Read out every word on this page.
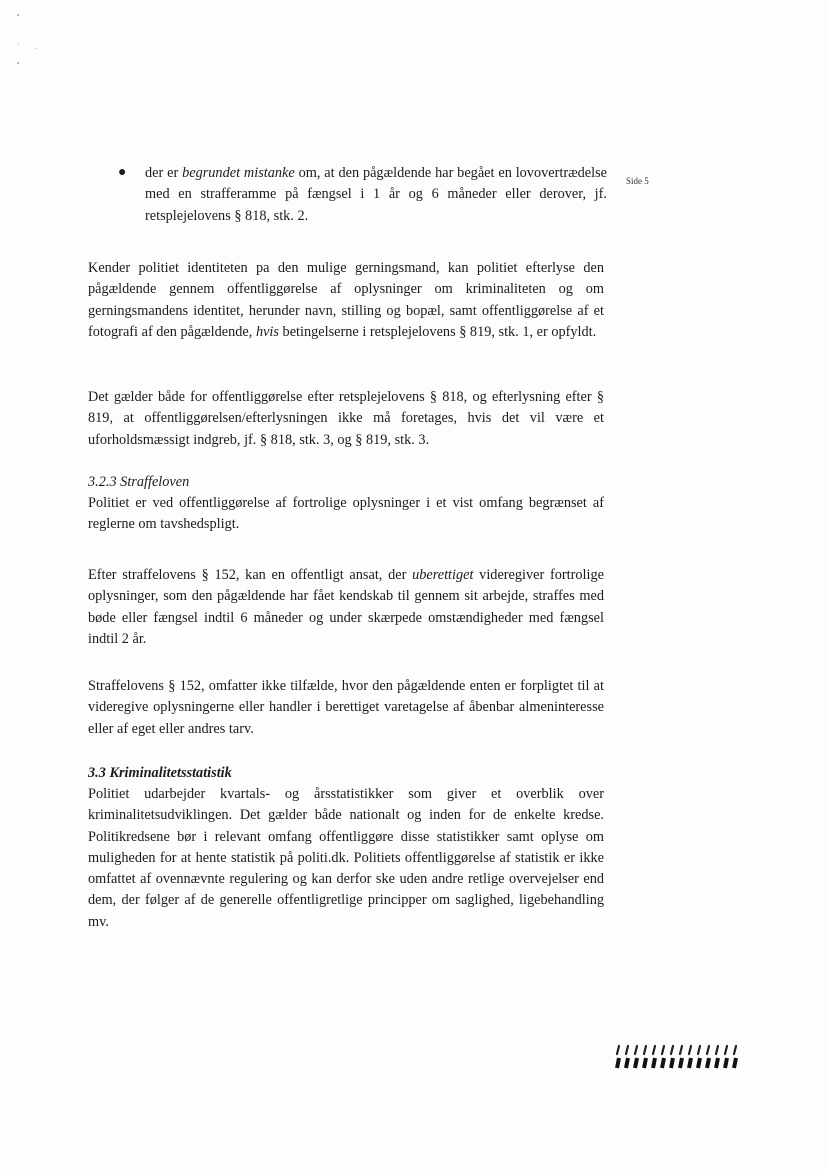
Side 5
● der er begrundet mistanke om, at den pågældende har begået en lovovertrædelse med en strafferamme på fængsel i 1 år og 6 måneder eller derover, jf. retsplejelovens § 818, stk. 2.
Kender politiet identiteten pa den mulige gerningsmand, kan politiet efterlyse den pågældende gennem offentliggørelse af oplysninger om kriminaliteten og om gerningsmandens identitet, herunder navn, stilling og bopæl, samt offentliggørelse af et fotografi af den pågældende, hvis betingelserne i retsplejelovens § 819, stk. 1, er opfyldt.
Det gælder både for offentliggørelse efter retsplejelovens § 818, og efterlysning efter § 819, at offentliggørelsen/efterlysningen ikke må foretages, hvis det vil være et uforholdsmæssigt indgreb, jf. § 818, stk. 3, og § 819, stk. 3.
3.2.3 Straffeloven
Politiet er ved offentliggørelse af fortrolige oplysninger i et vist omfang begrænset af reglerne om tavshedspligt.
Efter straffelovens § 152, kan en offentligt ansat, der uberettiget videregiver fortrolige oplysninger, som den pågældende har fået kendskab til gennem sit arbejde, straffes med bøde eller fængsel indtil 6 måneder og under skærpede omstændigheder med fængsel indtil 2 år.
Straffelovens § 152, omfatter ikke tilfælde, hvor den pågældende enten er forpligtet til at videregive oplysningerne eller handler i berettiget varetagelse af åbenbar almeninteresse eller af eget eller andres tarv.
3.3 Kriminalitetsstatistik
Politiet udarbejder kvartals- og årsstatistikker som giver et overblik over kriminalitetsudviklingen. Det gælder både nationalt og inden for de enkelte kredse. Politikredsene bør i relevant omfang offentliggøre disse statistikker samt oplyse om muligheden for at hente statistik på politi.dk. Politiets offentliggørelse af statistik er ikke omfattet af ovennævnte regulering og kan derfor ske uden andre retlige overvejelser end dem, der følger af de generelle offentligretlige principper om saglighed, ligebehandling mv.
